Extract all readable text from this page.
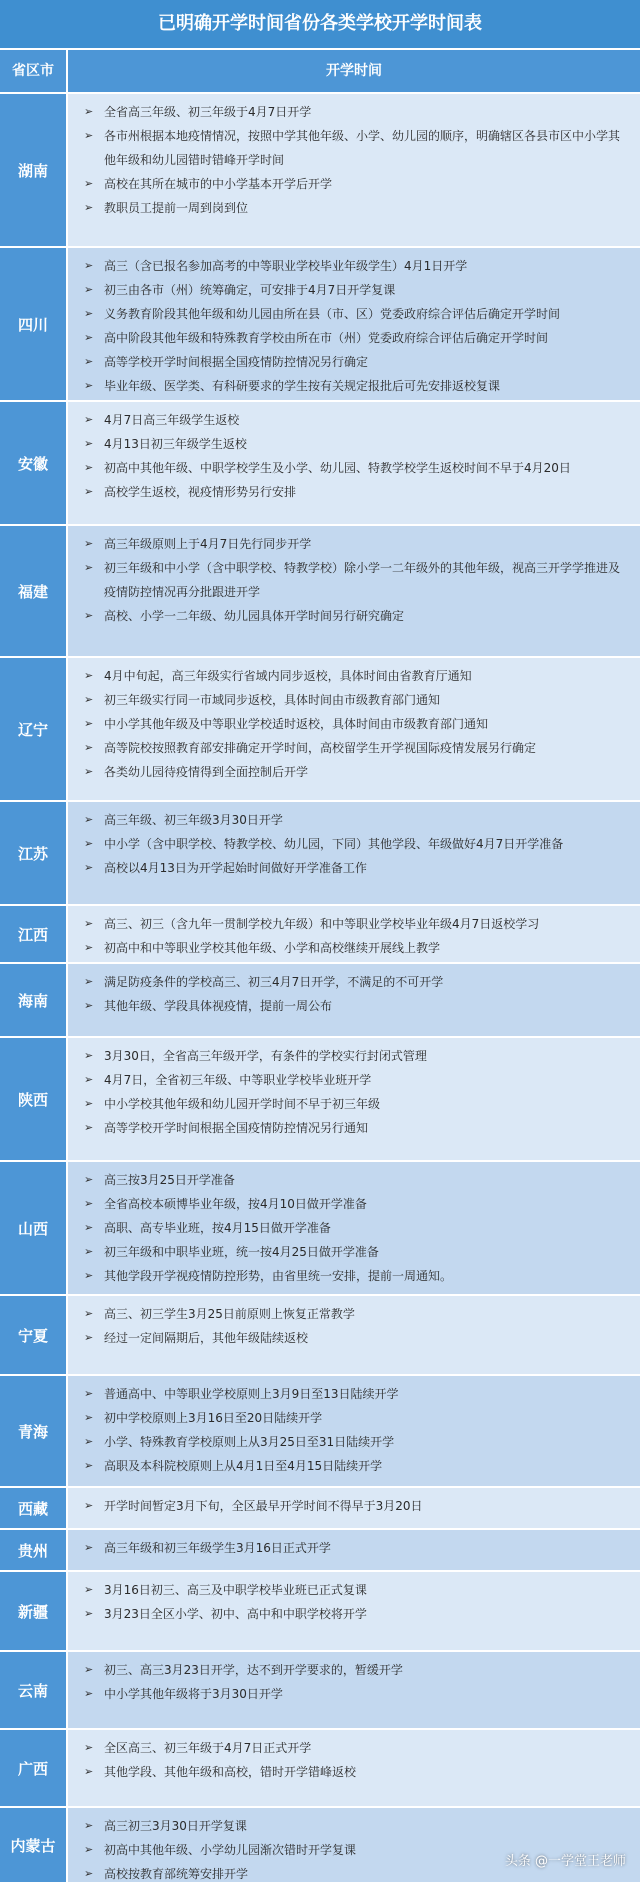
已明确开学时间省份各类学校开学时间表
省区市	开学时间
湖南
➢ 全省高三年级、初三年级于4月7日开学
➢ 各市州根据本地疫情情况，按照中学其他年级、小学、幼儿园的顺序，明确辖区各县市区中小学其他年级和幼儿园错时错峰开学时间
➢ 高校在其所在城市的中小学基本开学后开学
➢ 教职员工提前一周到岗到位
四川
➢ 高三（含已报名参加高考的中等职业学校毕业年级学生）4月1日开学
➢ 初三由各市（州）统筹确定，可安排于4月7日开学复课
➢ 义务教育阶段其他年级和幼儿园由所在县（市、区）党委政府综合评估后确定开学时间
➢ 高中阶段其他年级和特殊教育学校由所在市（州）党委政府综合评估后确定开学时间
➢ 高等学校开学时间根据全国疫情防控情况另行确定
➢ 毕业年级、医学类、有科研要求的学生按有关规定报批后可先安排返校复课
安徽
➢ 4月7日高三年级学生返校
➢ 4月13日初三年级学生返校
➢ 初高中其他年级、中职学校学生及小学、幼儿园、特教学校学生返校时间不早于4月20日
➢ 高校学生返校，视疫情形势另行安排
福建
➢ 高三年级原则上于4月7日先行同步开学
➢ 初三年级和中小学（含中职学校、特教学校）除小学一二年级外的其他年级，视高三开学学推进及疫情防控情况再分批跟进开学
➢ 高校、小学一二年级、幼儿园具体开学时间另行研究确定
辽宁
➢ 4月中旬起，高三年级实行省域内同步返校，具体时间由省教育厅通知
➢ 初三年级实行同一市域同步返校，具体时间由市级教育部门通知
➢ 中小学其他年级及中等职业学校适时返校，具体时间由市级教育部门通知
➢ 高等院校按照教育部安排确定开学时间，高校留学生开学视国际疫情发展另行确定
➢ 各类幼儿园待疫情得到全面控制后开学
江苏
➢ 高三年级、初三年级3月30日开学
➢ 中小学（含中职学校、特教学校、幼儿园，下同）其他学段、年级做好4月7日开学准备
➢ 高校以4月13日为开学起始时间做好开学准备工作
江西
➢ 高三、初三（含九年一贯制学校九年级）和中等职业学校毕业年级4月7日返校学习
➢ 初高中和中等职业学校其他年级、小学和高校继续开展线上教学
海南
➢ 满足防疫条件的学校高三、初三4月7日开学，不满足的不可开学
➢ 其他年级、学段具体视疫情，提前一周公布
陕西
➢ 3月30日，全省高三年级开学，有条件的学校实行封闭式管理
➢ 4月7日，全省初三年级、中等职业学校毕业班开学
➢ 中小学校其他年级和幼儿园开学时间不早于初三年级
➢ 高等学校开学时间根据全国疫情防控情况另行通知
山西
➢ 高三按3月25日开学准备
➢ 全省高校本硕博毕业年级，按4月10日做开学准备
➢ 高职、高专毕业班，按4月15日做开学准备
➢ 初三年级和中职毕业班，统一按4月25日做开学准备
➢ 其他学段开学视疫情防控形势，由省里统一安排，提前一周通知。
宁夏
➢ 高三、初三学生3月25日前原则上恢复正常教学
➢ 经过一定间隔期后，其他年级陆续返校
青海
➢ 普通高中、中等职业学校原则上3月9日至13日陆续开学
➢ 初中学校原则上3月16日至20日陆续开学
➢ 小学、特殊教育学校原则上从3月25日至31日陆续开学
➢ 高职及本科院校原则上从4月1日至4月15日陆续开学
西藏	➢ 开学时间暂定3月下旬，全区最早开学时间不得早于3月20日
贵州	➢ 高三年级和初三年级学生3月16日正式开学
新疆
➢ 3月16日初三、高三及中职学校毕业班已正式复课
➢ 3月23日全区小学、初中、高中和中职学校将开学
云南
➢ 初三、高三3月23日开学，达不到开学要求的，暂缓开学
➢ 中小学其他年级将于3月30日开学
广西
➢ 全区高三、初三年级于4月7日正式开学
➢ 其他学段、其他年级和高校，错时开学错峰返校
内蒙古
➢ 高三初三3月30日开学复课
➢ 初高中其他年级、小学幼儿园渐次错时开学复课
➢ 高校按教育部统筹安排开学
头条 @一学堂王老师
